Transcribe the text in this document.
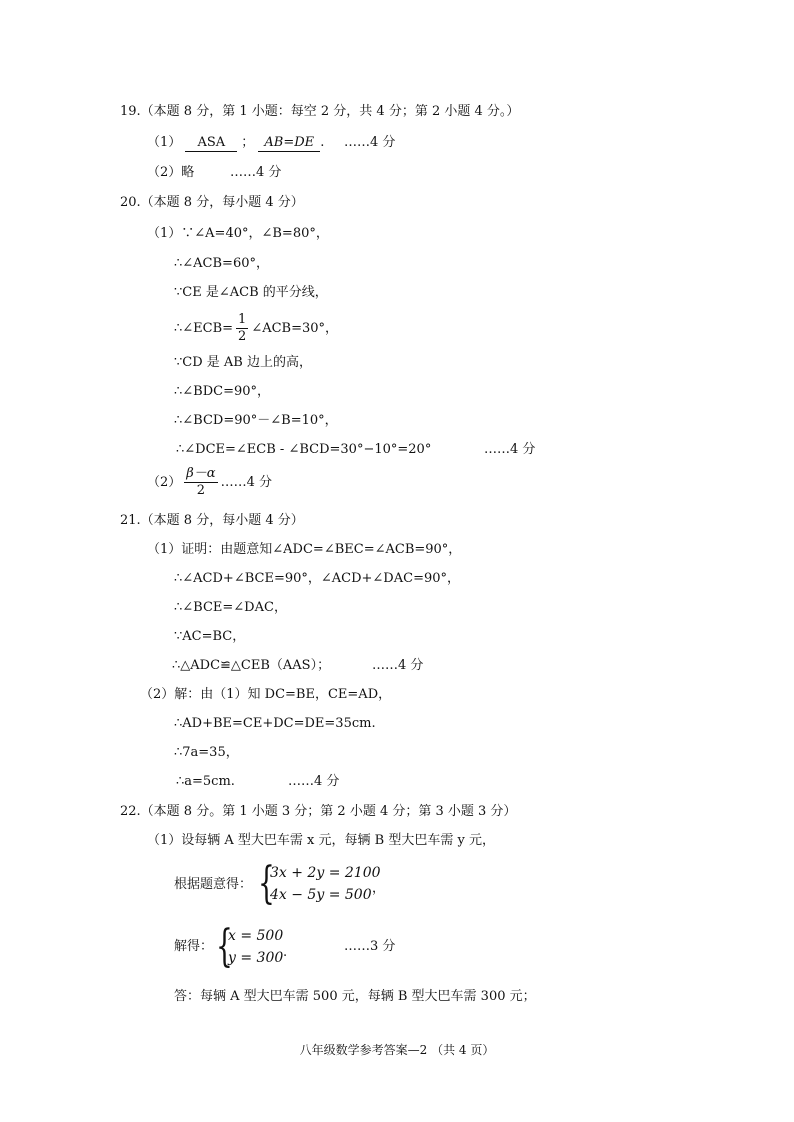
19.（本题 8 分，第 1 小题：每空 2 分，共 4 分；第 2 小题 4 分。）
（1） ASA ； AB=DE . ……4 分
（2）略	……4 分
20.（本题 8 分，每小题 4 分）
（1）∵∠A=40°，∠B=80°，
∴∠ACB=60°，
∵CE 是∠ACB 的平分线，
∴∠ECB= $\frac{1}{2}$ ∠ACB=30°，
∵CD 是 AB 边上的高，
∴∠BDC=90°，
∴∠BCD=90°－∠B=10°，
∴∠DCE=∠ECB - ∠BCD=30°−10°=20°	……4 分
$(2) \frac{\beta-\alpha}{2}$ ……4 分
21.（本题 8 分，每小题 4 分）
（1）证明：由题意知∠ADC=∠BEC=∠ACB=90°，
∴∠ACD+∠BCE=90°，∠ACD+∠DAC=90°，
∴∠BCE=∠DAC，
∵AC=BC，
∴△ADC≌△CEB（AAS）；	……4 分
（2）解：由（1）知 DC=BE，CE=AD，
∴AD+BE=CE+DC=DE=35cm.
∴7a=35，
∴a=5cm.	……4 分
22.（本题 8 分。第 1 小题 3 分；第 2 小题 4 分；第 3 小题 3 分）
（1）设每辆 A 型大巴车需 x 元，每辆 B 型大巴车需 y 元，
根据题意得： {
3x + 2y = 2100
4x − 5y = 500 ，
解得： {
x = 500
y = 300 .	……3 分
答：每辆 A 型大巴车需 500 元，每辆 B 型大巴车需 300 元；
八年级数学参考答案—2 （共 4 页）
